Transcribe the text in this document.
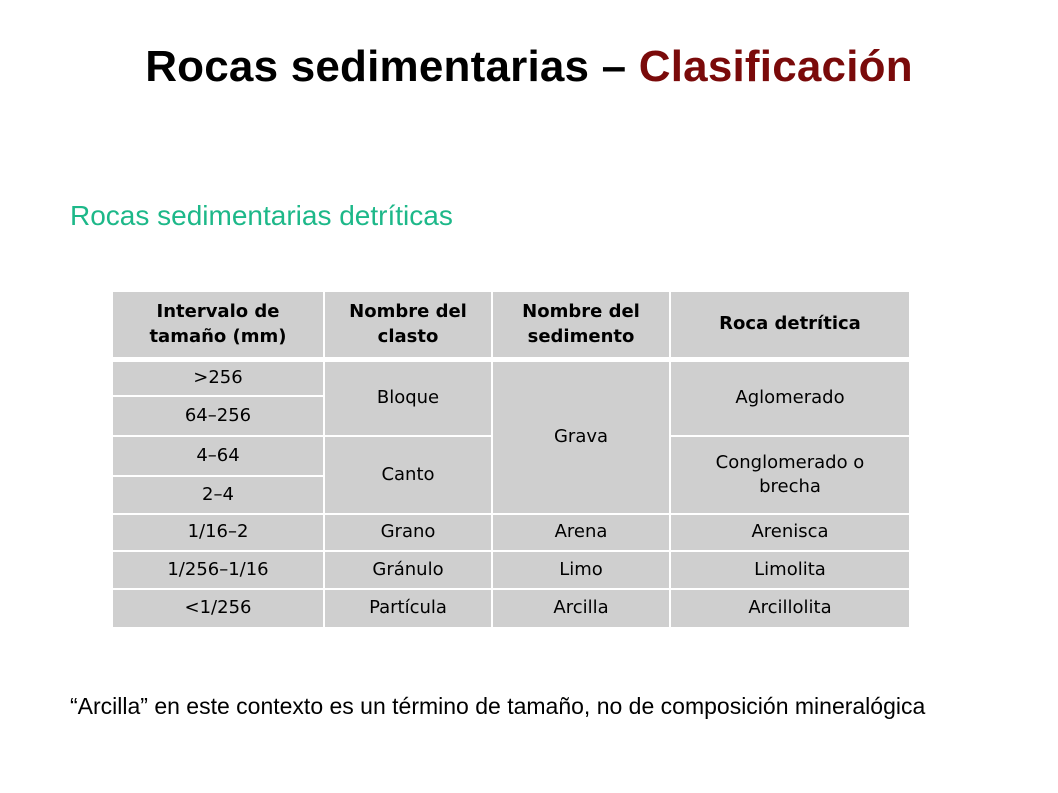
Rocas sedimentarias – Clasificación
Rocas sedimentarias detríticas
Intervalo de tamaño (mm)
Nombre del clasto
Nombre del sedimento
Roca detrítica
>256
64–256
4–64
2–4
1/16–2
1/256–1/16
<1/256
Bloque
Canto
Grano
Gránulo
Partícula
Grava
Arena
Limo
Arcilla
Aglomerado
Conglomerado o brecha
Arenisca
Limolita
Arcillolita
“Arcilla” en este contexto es un término de tamaño, no de composición mineralógica
